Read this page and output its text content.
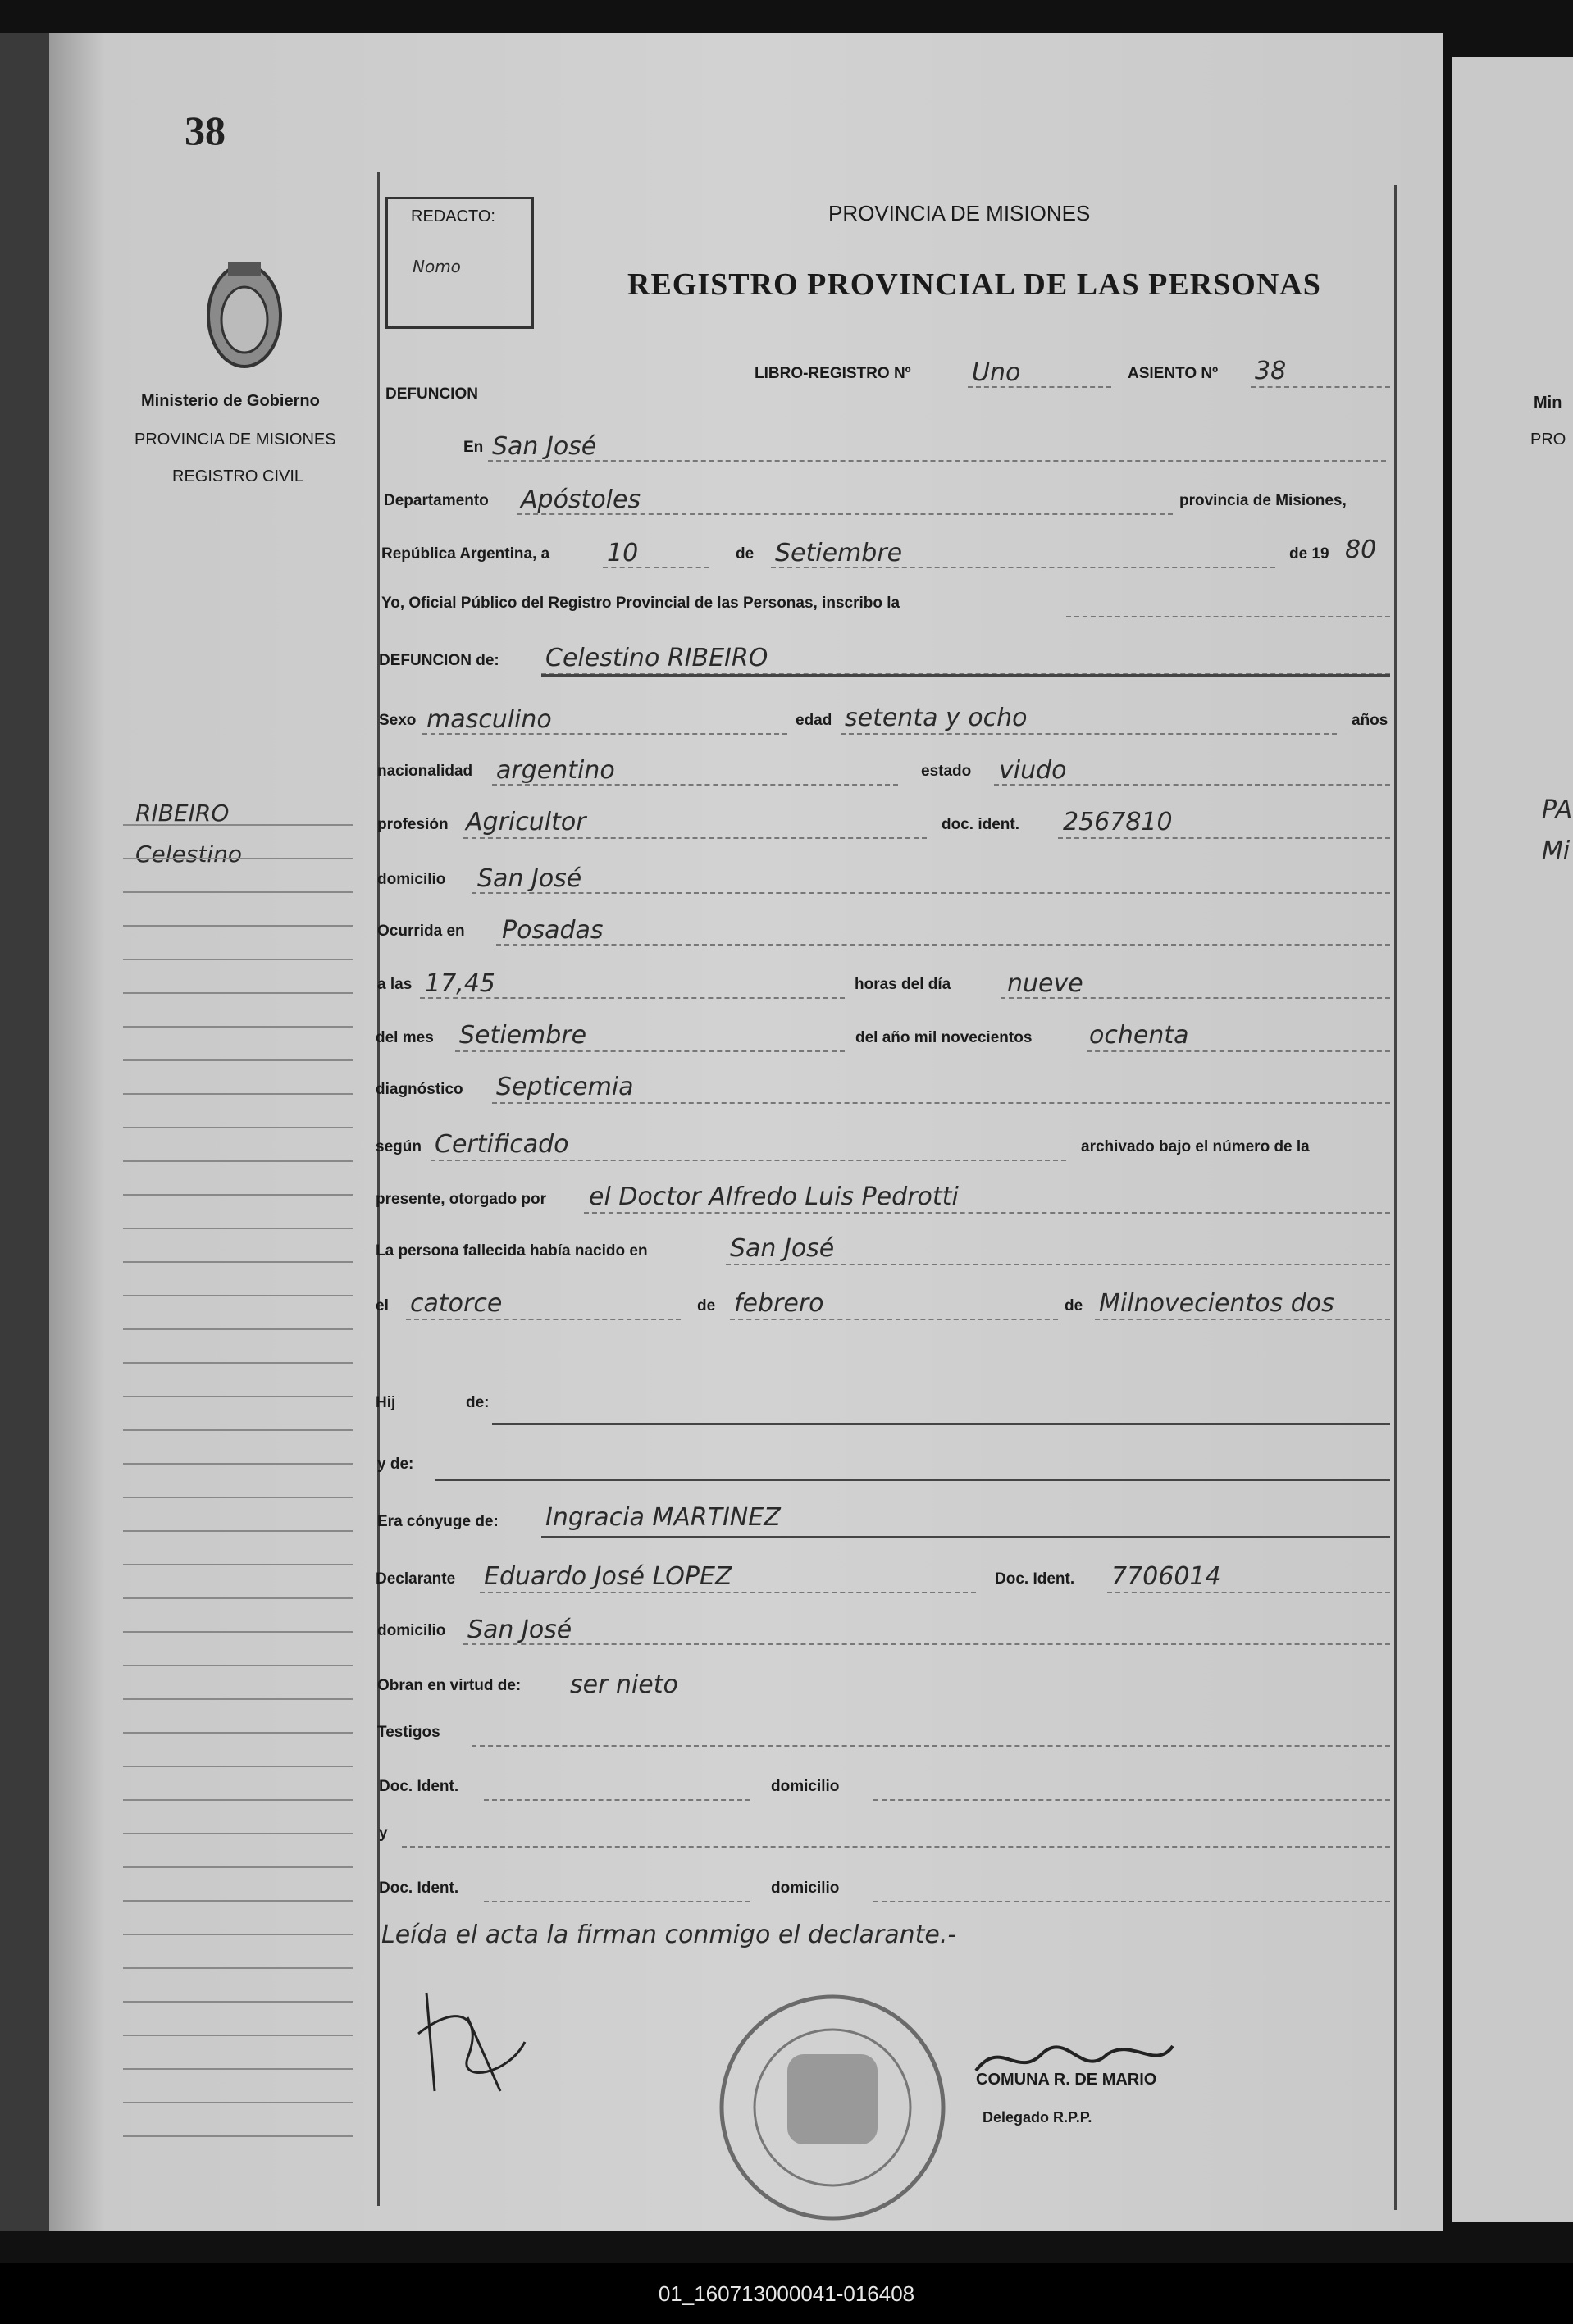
38
Ministerio de Gobierno
PROVINCIA DE MISIONES
REGISTRO CIVIL
RIBEIRO
Celestino
Min
PRO
PA
Mi
REDACTO:
Nomo
PROVINCIA DE MISIONES
REGISTRO PROVINCIAL DE LAS PERSONAS
DEFUNCION
LIBRO-REGISTRO Nº Uno	ASIENTO Nº 38
En San José
Departamento Apóstoles	provincia de Misiones,
República Argentina, a 10	de Setiembre	de 19 80
Yo, Oficial Público del Registro Provincial de las Personas, inscribo la
DEFUNCION de: Celestino RIBEIRO
Sexo masculino	edad setenta y ocho	años
nacionalidad argentino	estado viudo
profesión Agricultor	doc. ident. 2567810
domicilio San José
Ocurrida en Posadas
a las 17,45	horas del día nueve
del mes Setiembre	del año mil novecientos ochenta
diagnóstico Septicemia
según Certificado	archivado bajo el número de la
presente, otorgado por el Doctor Alfredo Luis Pedrotti
La persona fallecida había nacido en	San José
el catorce	de febrero	de Milnovecientos dos
Hij	de:
y de:
Era cónyuge de: Ingracia MARTINEZ
Declarante Eduardo José LOPEZ	Doc. Ident. 7706014
domicilio San José
Obran en virtud de: ser nieto
Testigos
Doc. Ident.	domicilio
y
Doc. Ident.	domicilio
Leída el acta la firman conmigo el declarante.-
COMUNA R. DE MARIO
Delegado R.P.P.
01_160713000041-016408
